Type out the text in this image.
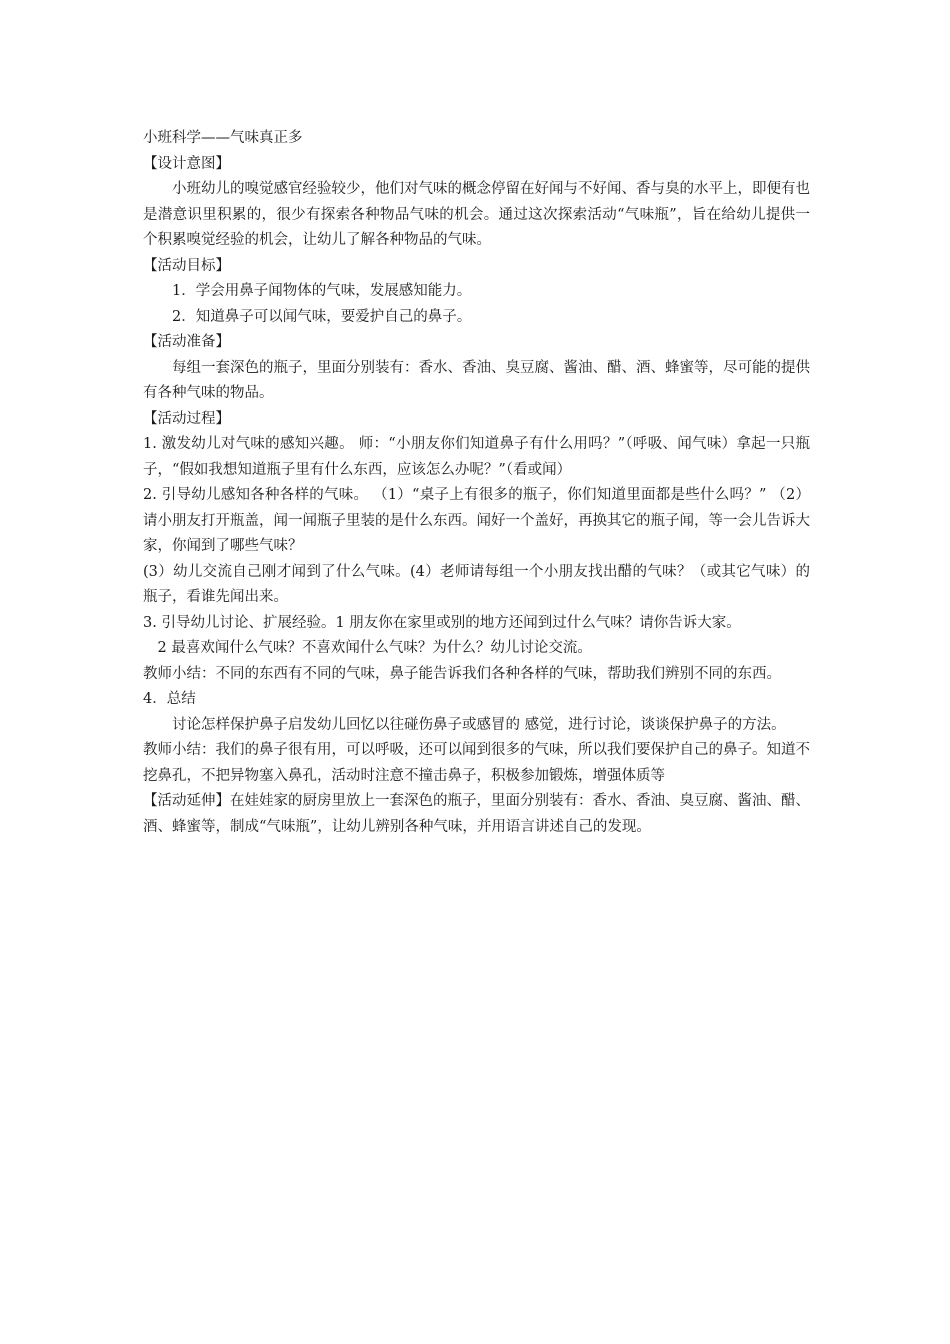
小班科学——气味真正多

【设计意图】

小班幼儿的嗅觉感官经验较少，他们对气味的概念停留在好闻与不好闻、香与臭的水平上，即便有也是潜意识里积累的，很少有探索各种物品气味的机会。通过这次探索活动“气味瓶”，旨在给幼儿提供一个积累嗅觉经验的机会，让幼儿了解各种物品的气味。

【活动目标】

1．学会用鼻子闻物体的气味，发展感知能力。

2．知道鼻子可以闻气味，要爱护自己的鼻子。

【活动准备】

每组一套深色的瓶子，里面分别装有：香水、香油、臭豆腐、酱油、醋、酒、蜂蜜等，尽可能的提供有各种气味的物品。

【活动过程】

1. 激发幼儿对气味的感知兴趣。 师：“小朋友你们知道鼻子有什么用吗？”（呼吸、闻气味）拿起一只瓶子，“假如我想知道瓶子里有什么东西，应该怎么办呢？”（看或闻）

2. 引导幼儿感知各种各样的气味。 （1）“桌子上有很多的瓶子，你们知道里面都是些什么吗？” （2）请小朋友打开瓶盖，闻一闻瓶子里装的是什么东西。闻好一个盖好，再换其它的瓶子闻，等一会儿告诉大家，你闻到了哪些气味？

(3）幼儿交流自己刚才闻到了什么气味。(4）老师请每组一个小朋友找出醋的气味？（或其它气味）的瓶子，看谁先闻出来。

3. 引导幼儿讨论、扩展经验。1 朋友你在家里或别的地方还闻到过什么气味？请你告诉大家。

2 最喜欢闻什么气味？不喜欢闻什么气味？为什么？幼儿讨论交流。

教师小结：不同的东西有不同的气味，鼻子能告诉我们各种各样的气味，帮助我们辨别不同的东西。

4．总结

讨论怎样保护鼻子启发幼儿回忆以往碰伤鼻子或感冒的 感觉，进行讨论，谈谈保护鼻子的方法。

教师小结：我们的鼻子很有用，可以呼吸，还可以闻到很多的气味，所以我们要保护自己的鼻子。知道不挖鼻孔，不把异物塞入鼻孔，活动时注意不撞击鼻子，积极参加锻炼，增强体质等

【活动延伸】在娃娃家的厨房里放上一套深色的瓶子，里面分别装有：香水、香油、臭豆腐、酱油、醋、酒、蜂蜜等，制成“气味瓶”，让幼儿辨别各种气味，并用语言讲述自己的发现。
